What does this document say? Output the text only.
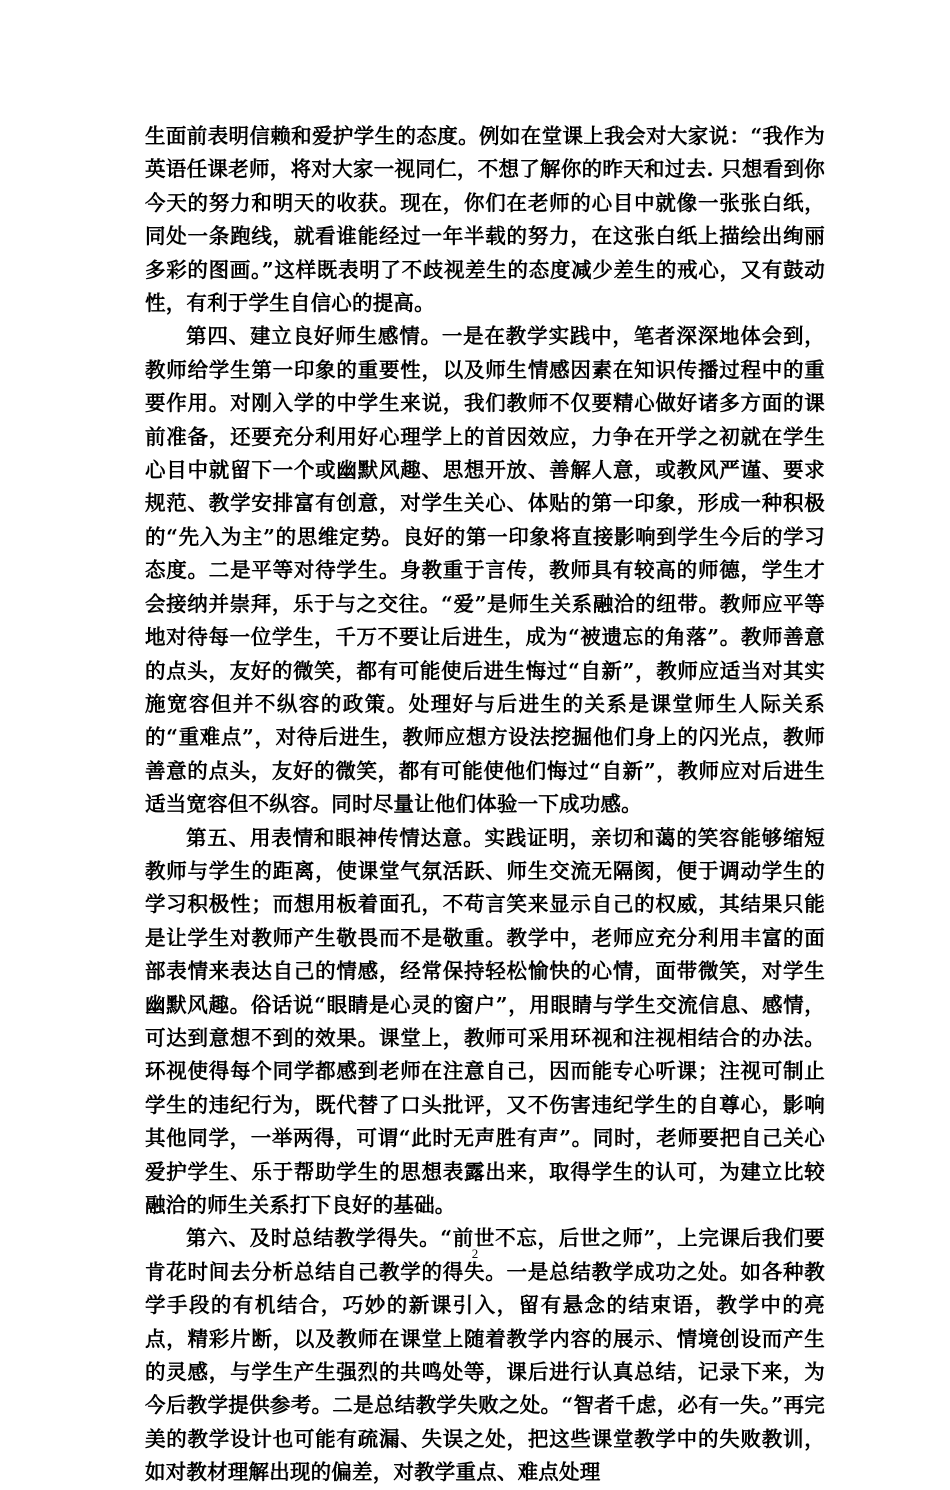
生面前表明信赖和爱护学生的态度。例如在堂课上我会对大家说：“我作为英语任课老师，将对大家一视同仁，不想了解你的昨天和过去. 只想看到你今天的努力和明天的收获。现在，你们在老师的心目中就像一张张白纸，同处一条跑线，就看谁能经过一年半载的努力，在这张白纸上描绘出绚丽多彩的图画。”这样既表明了不歧视差生的态度减少差生的戒心，又有鼓动性，有利于学生自信心的提高。

第四、建立良好师生感情。一是在教学实践中，笔者深深地体会到，教师给学生第一印象的重要性，以及师生情感因素在知识传播过程中的重要作用。对刚入学的中学生来说，我们教师不仅要精心做好诸多方面的课前准备，还要充分利用好心理学上的首因效应，力争在开学之初就在学生心目中就留下一个或幽默风趣、思想开放、善解人意，或教风严谨、要求规范、教学安排富有创意，对学生关心、体贴的第一印象，形成一种积极的“先入为主”的思维定势。良好的第一印象将直接影响到学生今后的学习态度。二是平等对待学生。身教重于言传，教师具有较高的师德，学生才会接纳并崇拜，乐于与之交往。“爱”是师生关系融洽的纽带。教师应平等地对待每一位学生，千万不要让后进生，成为“被遗忘的角落”。教师善意的点头，友好的微笑，都有可能使后进生悔过“自新”，教师应适当对其实施宽容但并不纵容的政策。处理好与后进生的关系是课堂师生人际关系的“重难点”，对待后进生，教师应想方设法挖掘他们身上的闪光点，教师善意的点头，友好的微笑，都有可能使他们悔过“自新”，教师应对后进生适当宽容但不纵容。同时尽量让他们体验一下成功感。

第五、用表情和眼神传情达意。实践证明，亲切和蔼的笑容能够缩短教师与学生的距离，使课堂气氛活跃、师生交流无隔阂，便于调动学生的学习积极性；而想用板着面孔，不苟言笑来显示自己的权威，其结果只能是让学生对教师产生敬畏而不是敬重。教学中，老师应充分利用丰富的面部表情来表达自己的情感，经常保持轻松愉快的心情，面带微笑，对学生幽默风趣。俗话说“眼睛是心灵的窗户”，用眼睛与学生交流信息、感情，可达到意想不到的效果。课堂上，教师可采用环视和注视相结合的办法。环视使得每个同学都感到老师在注意自己，因而能专心听课；注视可制止学生的违纪行为，既代替了口头批评，又不伤害违纪学生的自尊心，影响其他同学，一举两得，可谓“此时无声胜有声”。同时，老师要把自己关心爱护学生、乐于帮助学生的思想表露出来，取得学生的认可，为建立比较融洽的师生关系打下良好的基础。

第六、及时总结教学得失。“前世不忘，后世之师”，上完课后我们要肯花时间去分析总结自己教学的得失。一是总结教学成功之处。如各种教学手段的有机结合，巧妙的新课引入，留有悬念的结束语，教学中的亮点，精彩片断，以及教师在课堂上随着教学内容的展示、情境创设而产生的灵感，与学生产生强烈的共鸣处等，课后进行认真总结，记录下来，为今后教学提供参考。二是总结教学失败之处。“智者千虑，必有一失。”再完美的教学设计也可能有疏漏、失误之处，把这些课堂教学中的失败教训，如对教材理解出现的偏差，对教学重点、难点处理

2
